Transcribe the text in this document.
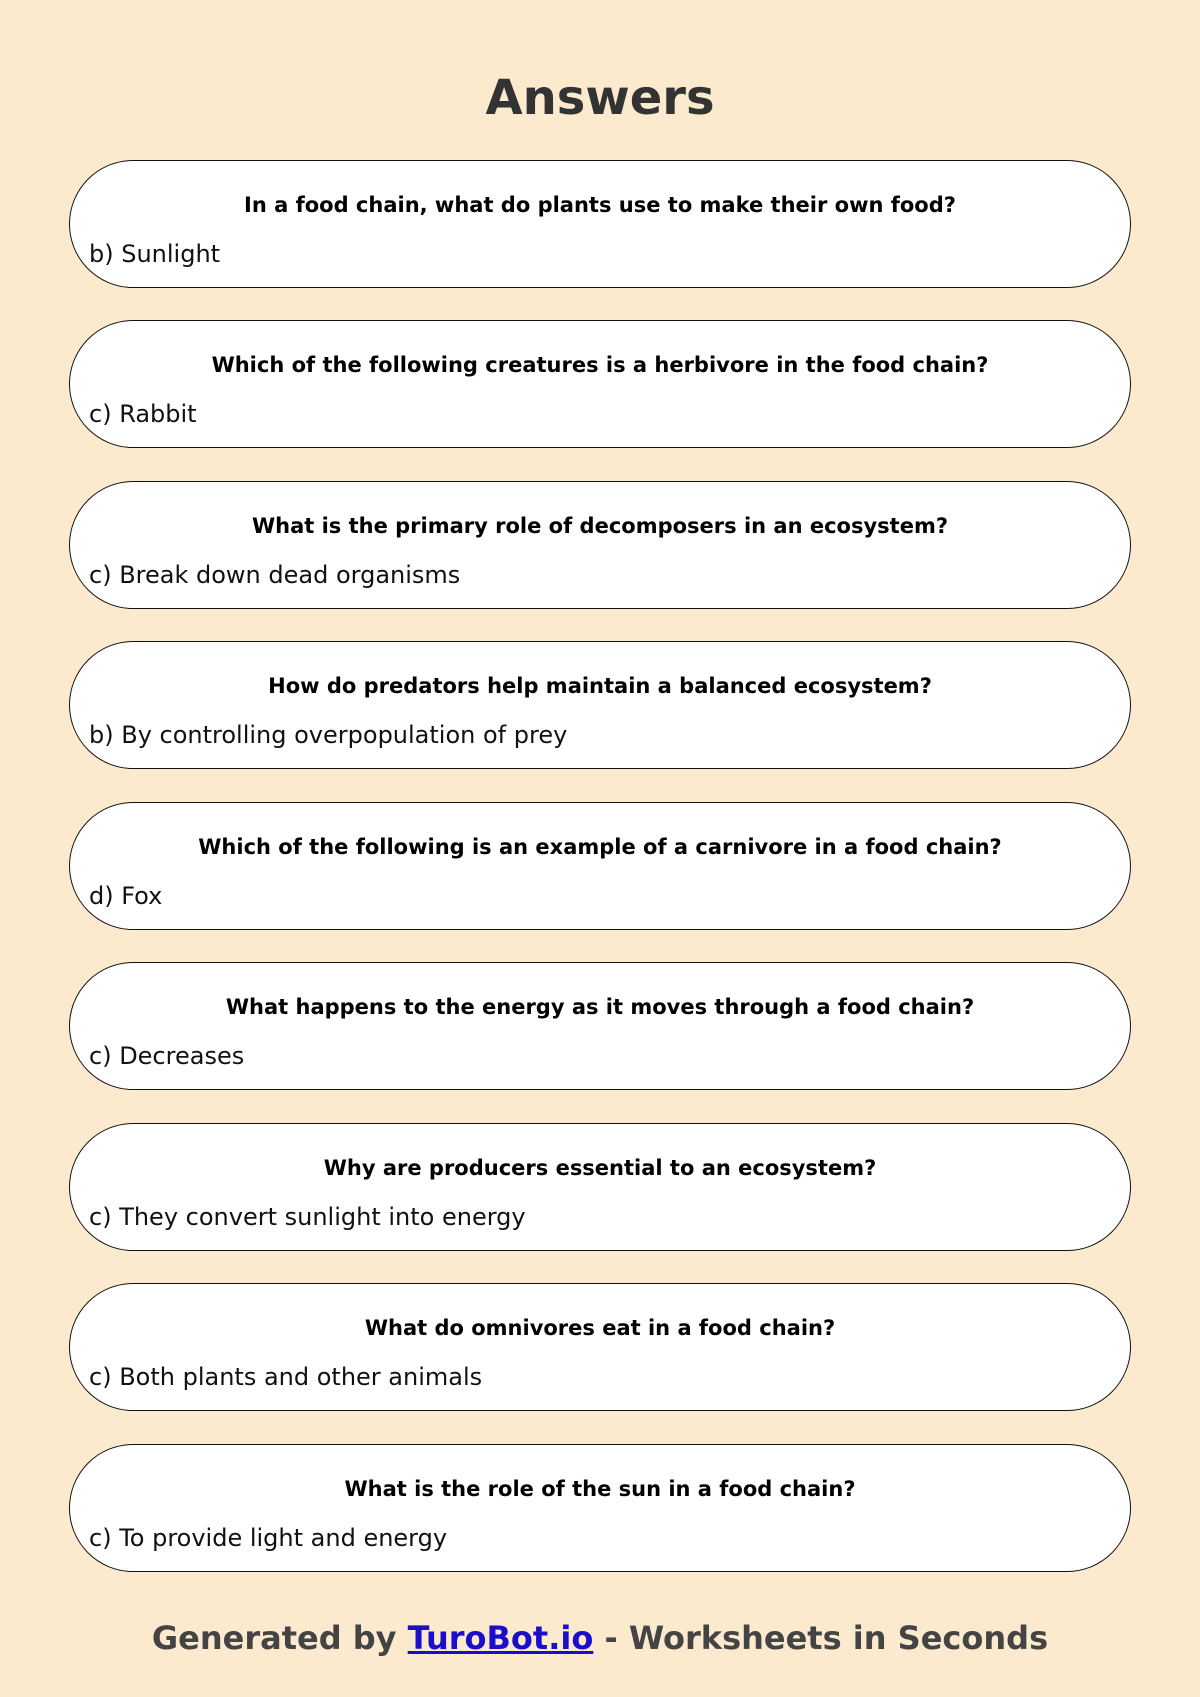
Answers
In a food chain, what do plants use to make their own food?
b) Sunlight
Which of the following creatures is a herbivore in the food chain?
c) Rabbit
What is the primary role of decomposers in an ecosystem?
c) Break down dead organisms
How do predators help maintain a balanced ecosystem?
b) By controlling overpopulation of prey
Which of the following is an example of a carnivore in a food chain?
d) Fox
What happens to the energy as it moves through a food chain?
c) Decreases
Why are producers essential to an ecosystem?
c) They convert sunlight into energy
What do omnivores eat in a food chain?
c) Both plants and other animals
What is the role of the sun in a food chain?
c) To provide light and energy
Generated by TuroBot.io - Worksheets in Seconds
